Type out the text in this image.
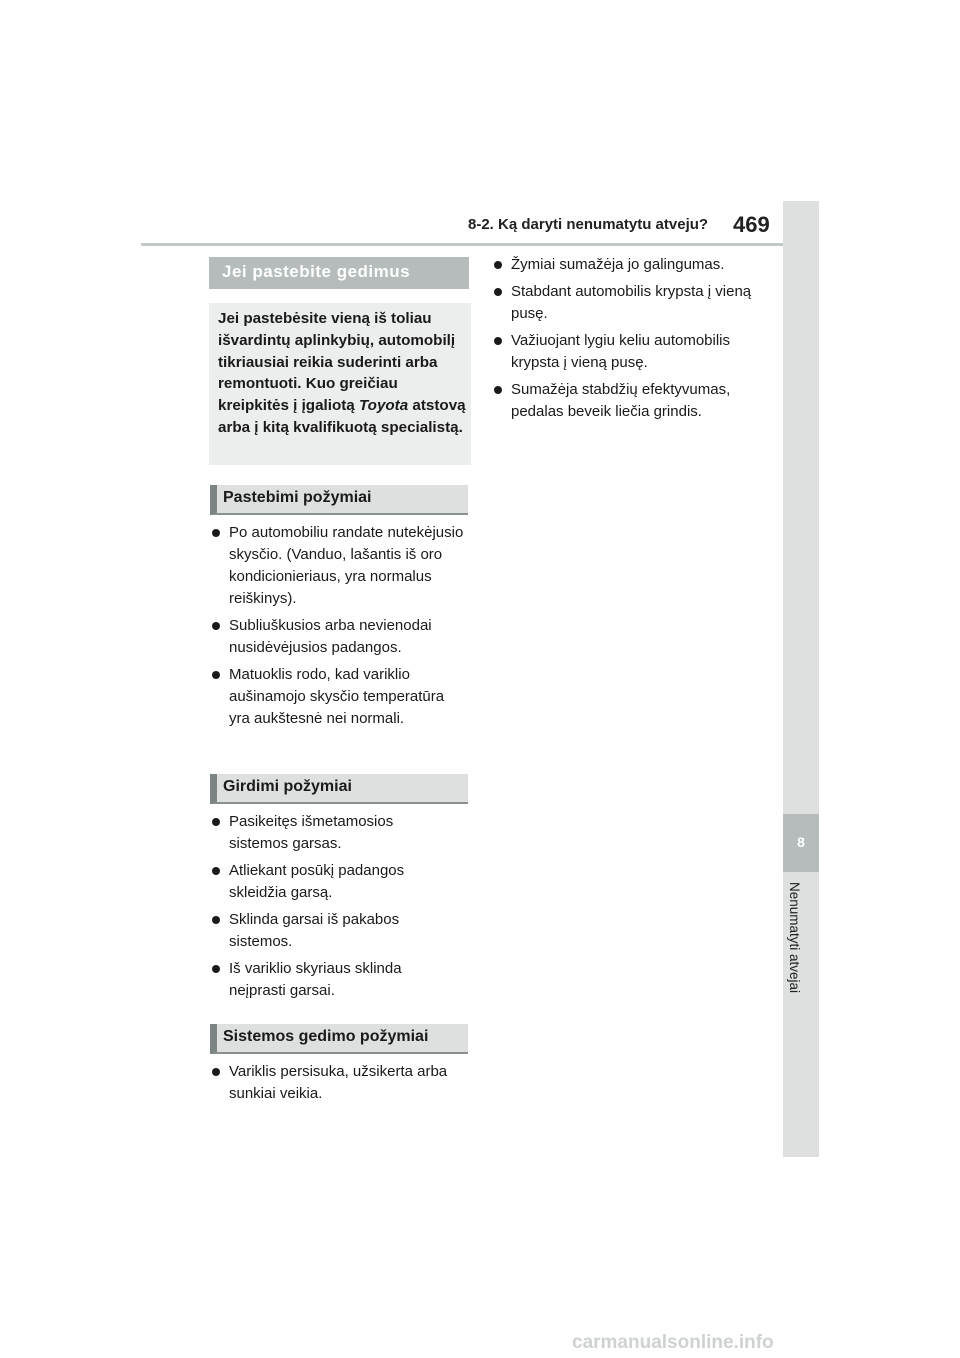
8-2. Ką daryti nenumatytu atveju? 469
8
Nenumatyti atvejai
Jei pastebite gedimus

Jei pastebėsite vieną iš toliau išvardintų aplinkybių, automobilį tikriausiai reikia suderinti arba remontuoti. Kuo greičiau kreipkitės į įgaliotą Toyota atstovą arba į kitą kvalifikuotą specialistą.

Pastebimi požymiai
Po automobiliu randate nutekėjusio skysčio. (Vanduo, lašantis iš oro kondicionieriaus, yra normalus reiškinys).
Subliuškusios arba nevienodai nusidėvėjusios padangos.
Matuoklis rodo, kad variklio aušinamojo skysčio temperatūra yra aukštesnė nei normali.
Girdimi požymiai
Pasikeitęs išmetamosios sistemos garsas.
Atliekant posūkį padangos skleidžia garsą.
Sklinda garsai iš pakabos sistemos.
Iš variklio skyriaus sklinda neįprasti garsai.
Sistemos gedimo požymiai
Variklis persisuka, užsikerta arba sunkiai veikia.
Žymiai sumažėja jo galingumas.
Stabdant automobilis krypsta į vieną pusę.
Važiuojant lygiu keliu automobilis krypsta į vieną pusę.
Sumažėja stabdžių efektyvumas, pedalas beveik liečia grindis.
carmanualsonline.info
